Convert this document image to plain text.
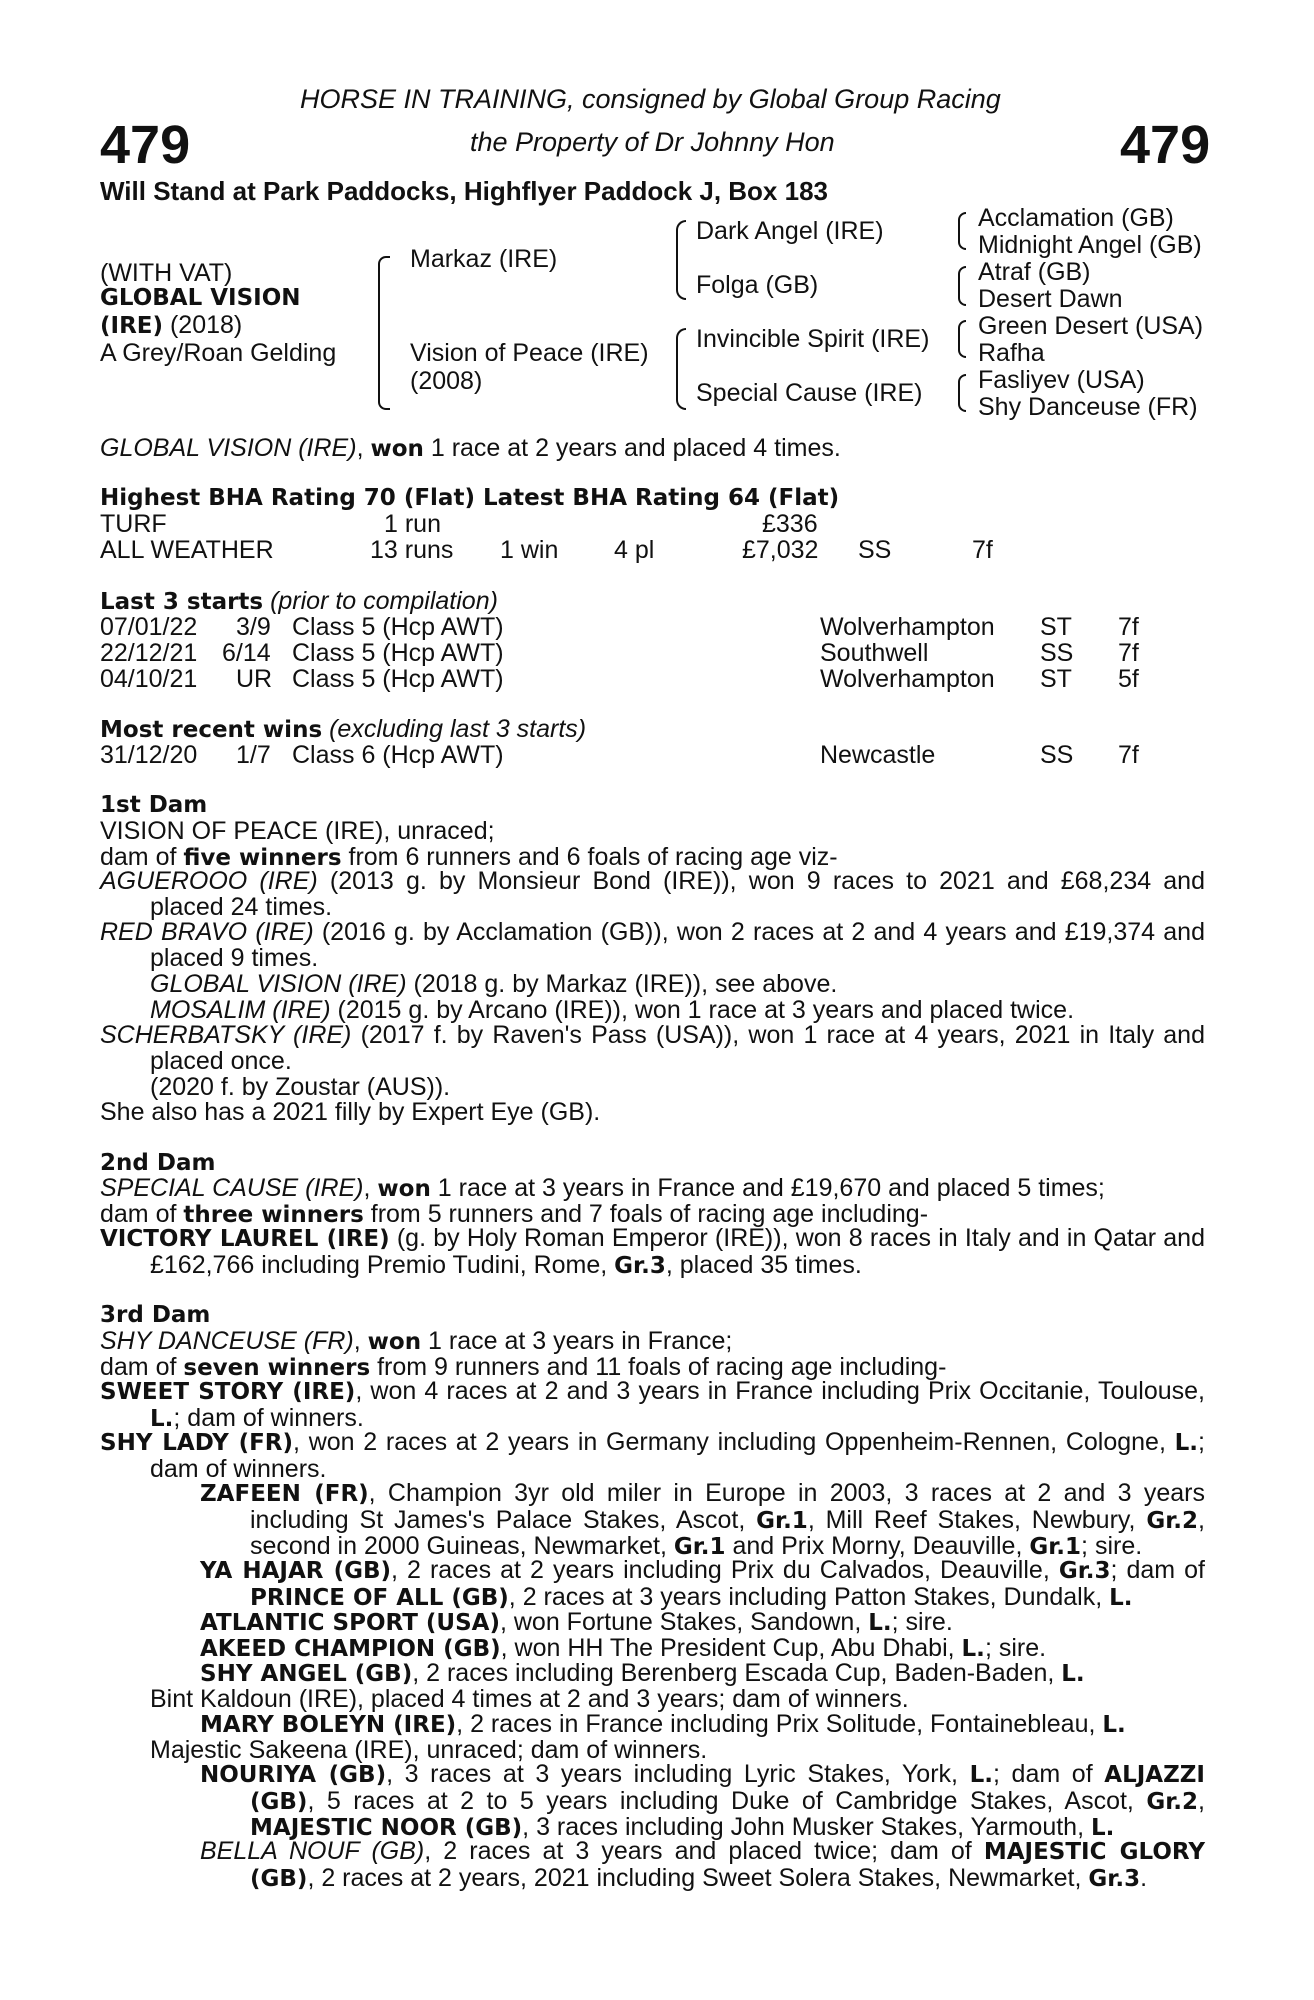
479	479
HORSE IN TRAINING, consigned by Global Group Racing
the Property of Dr Johnny Hon
Will Stand at Park Paddocks, Highflyer Paddock J, Box 183
(WITH VAT)
GLOBAL VISION
(IRE) (2018)
A Grey/Roan Gelding
Markaz (IRE)
Vision of Peace (IRE)
(2008)
Dark Angel (IRE)
Folga (GB)
Invincible Spirit (IRE)
Special Cause (IRE)
Acclamation (GB)
Midnight Angel (GB)
Atraf (GB)
Desert Dawn
Green Desert (USA)
Rafha
Fasliyev (USA)
Shy Danceuse (FR)
GLOBAL VISION (IRE), won 1 race at 2 years and placed 4 times.
Highest BHA Rating 70 (Flat) Latest BHA Rating 64 (Flat)
TURF	1 run	£336
ALL WEATHER	13 runs 1 win 4 pl	£7,032 SS	7f
Last 3 starts (prior to compilation)
07/01/22 3/9 Class 5 (Hcp AWT)	Wolverhampton ST 7f
22/12/21 6/14 Class 5 (Hcp AWT)	Southwell	SS 7f
04/10/21 UR Class 5 (Hcp AWT)	Wolverhampton ST 5f
Most recent wins (excluding last 3 starts)
31/12/20 1/7 Class 6 (Hcp AWT)	Newcastle	SS 7f
1st Dam
VISION OF PEACE (IRE), unraced;
dam of five winners from 6 runners and 6 foals of racing age viz-

AGUEROOO (IRE) (2013 g. by Monsieur Bond (IRE)), won 9 races to 2021 and £68,234 and placed 24 times.

RED BRAVO (IRE) (2016 g. by Acclamation (GB)), won 2 races at 2 and 4 years and £19,374 and placed 9 times.

GLOBAL VISION (IRE) (2018 g. by Markaz (IRE)), see above.
MOSALIM (IRE) (2015 g. by Arcano (IRE)), won 1 race at 3 years and placed twice.

SCHERBATSKY (IRE) (2017 f. by Raven's Pass (USA)), won 1 race at 4 years, 2021 in Italy and placed once.

(2020 f. by Zoustar (AUS)).
She also has a 2021 filly by Expert Eye (GB).
2nd Dam
SPECIAL CAUSE (IRE), won 1 race at 3 years in France and £19,670 and placed 5 times;
dam of three winners from 5 runners and 7 foals of racing age including-

VICTORY LAUREL (IRE) (g. by Holy Roman Emperor (IRE)), won 8 races in Italy and in Qatar and £162,766 including Premio Tudini, Rome, Gr.3, placed 35 times.

3rd Dam
SHY DANCEUSE (FR), won 1 race at 3 years in France;
dam of seven winners from 9 runners and 11 foals of racing age including-

SWEET STORY (IRE), won 4 races at 2 and 3 years in France including Prix Occitanie, Toulouse, L.; dam of winners.

SHY LADY (FR), won 2 races at 2 years in Germany including Oppenheim-Rennen, Cologne, L.; dam of winners.

ZAFEEN (FR), Champion 3yr old miler in Europe in 2003, 3 races at 2 and 3 years including St James's Palace Stakes, Ascot, Gr.1, Mill Reef Stakes, Newbury, Gr.2, second in 2000 Guineas, Newmarket, Gr.1 and Prix Morny, Deauville, Gr.1; sire.

YA HAJAR (GB), 2 races at 2 years including Prix du Calvados, Deauville, Gr.3; dam of PRINCE OF ALL (GB), 2 races at 3 years including Patton Stakes, Dundalk, L.

ATLANTIC SPORT (USA), won Fortune Stakes, Sandown, L.; sire.
AKEED CHAMPION (GB), won HH The President Cup, Abu Dhabi, L.; sire.
SHY ANGEL (GB), 2 races including Berenberg Escada Cup, Baden-Baden, L.
Bint Kaldoun (IRE), placed 4 times at 2 and 3 years; dam of winners.
MARY BOLEYN (IRE), 2 races in France including Prix Solitude, Fontainebleau, L.
Majestic Sakeena (IRE), unraced; dam of winners.

NOURIYA (GB), 3 races at 3 years including Lyric Stakes, York, L.; dam of ALJAZZI (GB), 5 races at 2 to 5 years including Duke of Cambridge Stakes, Ascot, Gr.2, MAJESTIC NOOR (GB), 3 races including John Musker Stakes, Yarmouth, L.

BELLA NOUF (GB), 2 races at 3 years and placed twice; dam of MAJESTIC GLORY (GB), 2 races at 2 years, 2021 including Sweet Solera Stakes, Newmarket, Gr.3.
